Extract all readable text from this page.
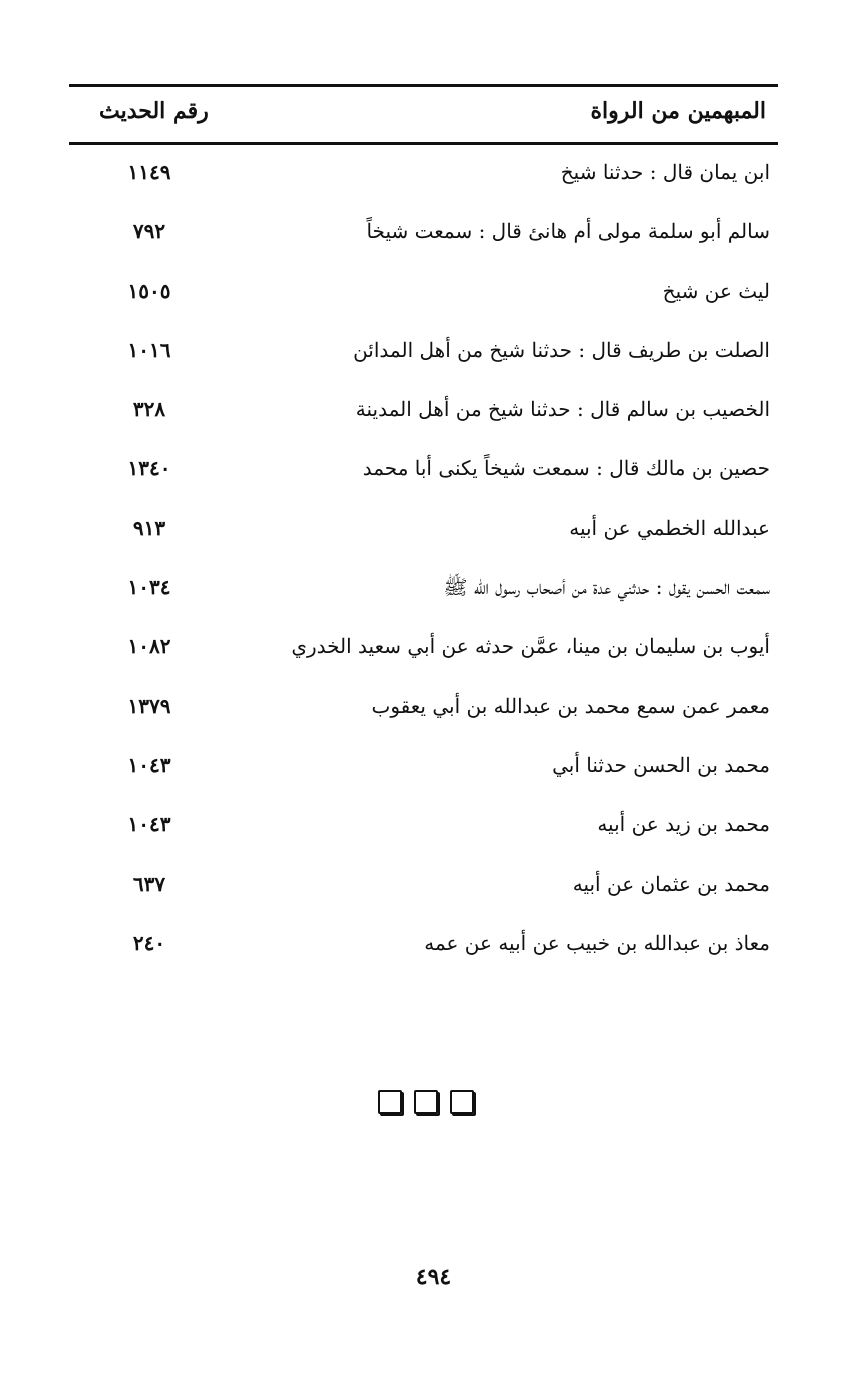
المبهمين من الرواة
رقم الحديث
ابن يمان قال : حدثنا شيخ
١١٤٩
سالم أبو سلمة مولى أم هانئ قال : سمعت شيخاً
٧٩٢
ليث عن شيخ
١٥٠٥
الصلت بن طريف قال : حدثنا شيخ من أهل المدائن
١٠١٦
الخصيب بن سالم قال : حدثنا شيخ من أهل المدينة
٣٢٨
حصين بن مالك قال : سمعت شيخاً يكنى أبا محمد
١٣٤٠
عبدالله الخطمي عن أبيه
٩١٣
سمعت الحسن يقول : حدثني عدة من أصحاب رسول الله ﷺ
١٠٣٤
أيوب بن سليمان بن مينا، عمَّن حدثه عن أبي سعيد الخدري
١٠٨٢
معمر عمن سمع محمد بن عبدالله بن أبي يعقوب
١٣٧٩
محمد بن الحسن حدثنا أبي
١٠٤٣
محمد بن زيد عن أبيه
١٠٤٣
محمد بن عثمان عن أبيه
٦٣٧
معاذ بن عبدالله بن خبيب عن أبيه عن عمه
٢٤٠
٤٩٤
